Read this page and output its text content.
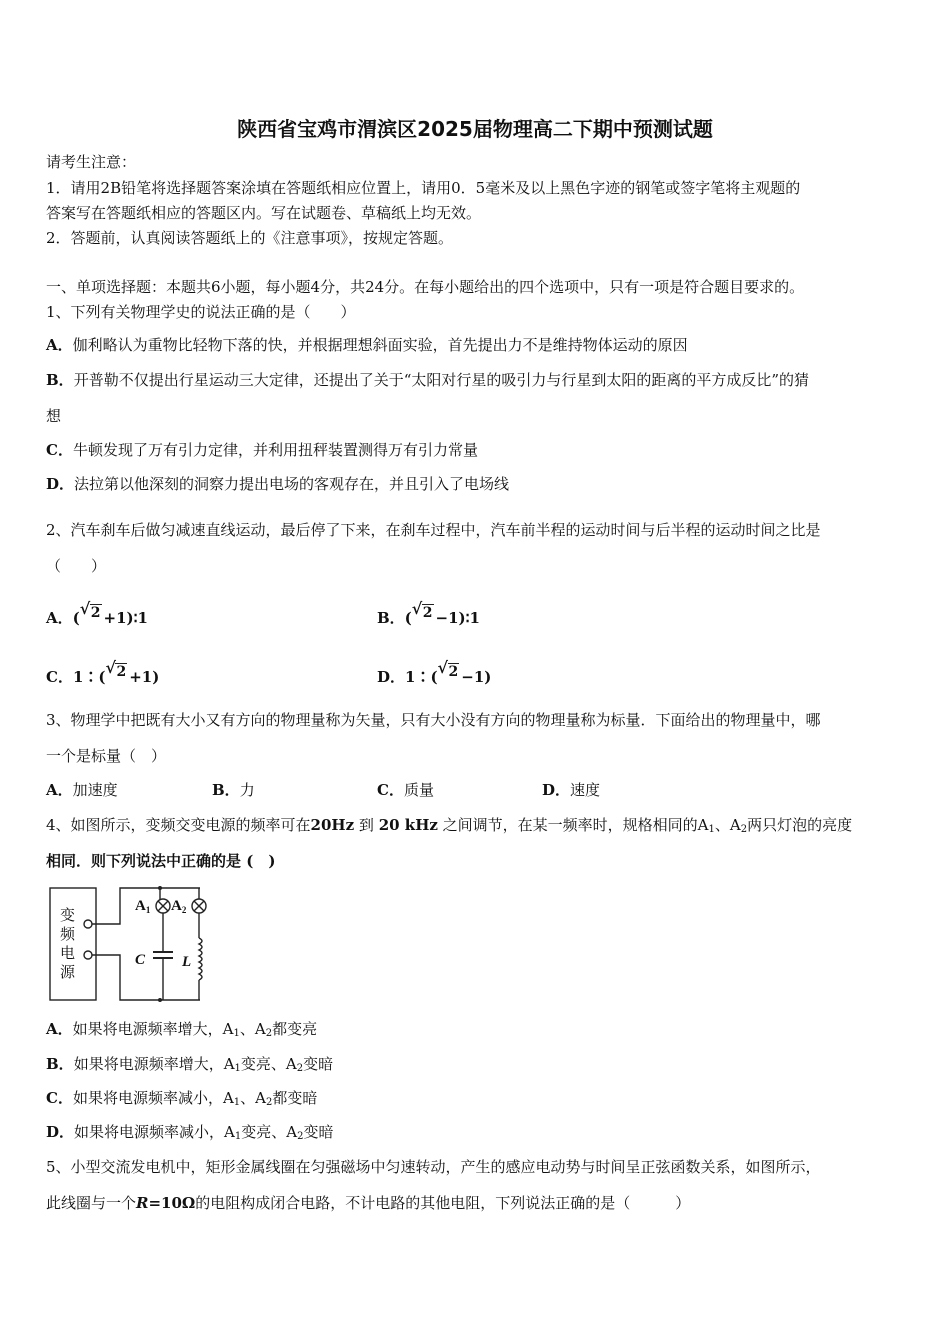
陕西省宝鸡市渭滨区2025届物理高二下期中预测试题
请考生注意：
1．请用2B铅笔将选择题答案涂填在答题纸相应位置上，请用0．5毫米及以上黑色字迹的钢笔或签字笔将主观题的
答案写在答题纸相应的答题区内。写在试题卷、草稿纸上均无效。
2．答题前，认真阅读答题纸上的《注意事项》，按规定答题。
一、单项选择题：本题共6小题，每小题4分，共24分。在每小题给出的四个选项中，只有一项是符合题目要求的。
1、下列有关物理学史的说法正确的是（　　）
A．伽利略认为重物比轻物下落的快，并根据理想斜面实验，首先提出力不是维持物体运动的原因
B．开普勒不仅提出行星运动三大定律，还提出了关于“太阳对行星的吸引力与行星到太阳的距离的平方成反比”的猜
想
C．牛顿发现了万有引力定律，并利用扭秤装置测得万有引力常量
D．法拉第以他深刻的洞察力提出电场的客观存在，并且引入了电场线
2、汽车刹车后做匀减速直线运动，最后停了下来，在刹车过程中，汽车前半程的运动时间与后半程的运动时间之比是
（　　）
A．( √ 2 +1)∶1	B．( √ 2 −1)∶1
C．1∶( √ 2 +1)	D．1∶( √ 2 −1)
3、物理学中把既有大小又有方向的物理量称为矢量，只有大小没有方向的物理量称为标量．下面给出的物理量中，哪
一个是标量（　）
A．加速度	B．力	C．质量	D．速度
4、如图所示，变频交变电源的频率可在20Hz 到 20 kHz 之间调节，在某一频率时，规格相同的$A_1$、$A_2$两只灯泡的亮度
相同．则下列说法中正确的是 (　)
变
频
电
源
$A_1$ $A_2$
C L
A．如果将电源频率增大，$A_1$、$A_2$都变亮
B．如果将电源频率增大，$A_1$变亮、$A_2$变暗
C．如果将电源频率减小，$A_1$、$A_2$都变暗
D．如果将电源频率减小，$A_1$变亮、$A_2$变暗
5、小型交流发电机中，矩形金属线圈在匀强磁场中匀速转动，产生的感应电动势与时间呈正弦函数关系，如图所示，
此线圈与一个R=10Ω的电阻构成闭合电路，不计电路的其他电阻，下列说法正确的是（　　　）
